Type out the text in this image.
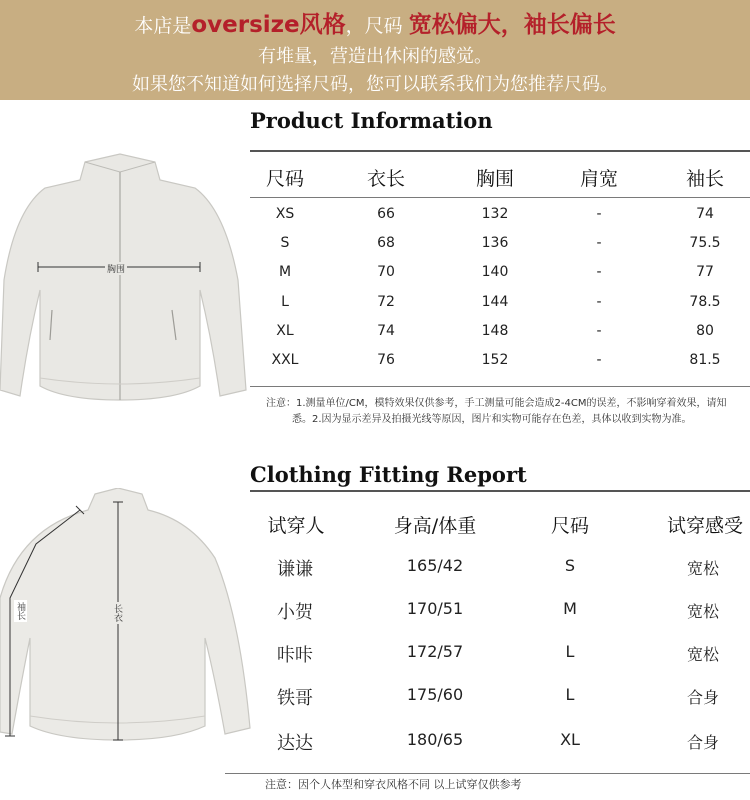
本店是oversize风格，尺码 宽松偏大，袖长偏长
有堆量，营造出休闲的感觉。
如果您不知道如何选择尺码，您可以联系我们为您推荐尺码。
胸围
Product Information
尺码	衣长	胸围	肩宽	袖长
XS	66	132	-	74
S	68	136	-	75.5
M	70	140	-	77
L	72	144	-	78.5
XL	74	148	-	80
XXL	76	152	-	81.5
注意：1.测量单位/CM，模特效果仅供参考，手工测量可能会造成2-4CM的误差，不影响穿着效果，请知
悉。2.因为显示差异及拍摄光线等原因，图片和实物可能存在色差，具体以收到实物为准。
袖长	长衣
Clothing Fitting Report
试穿人	身高/体重	尺码	试穿感受
谦谦	165/42	S	宽松
小贺	170/51	M	宽松
咔咔	172/57	L	宽松
铁哥	175/60	L	合身
达达	180/65	XL	合身
注意：因个人体型和穿衣风格不同 以上试穿仅供参考
